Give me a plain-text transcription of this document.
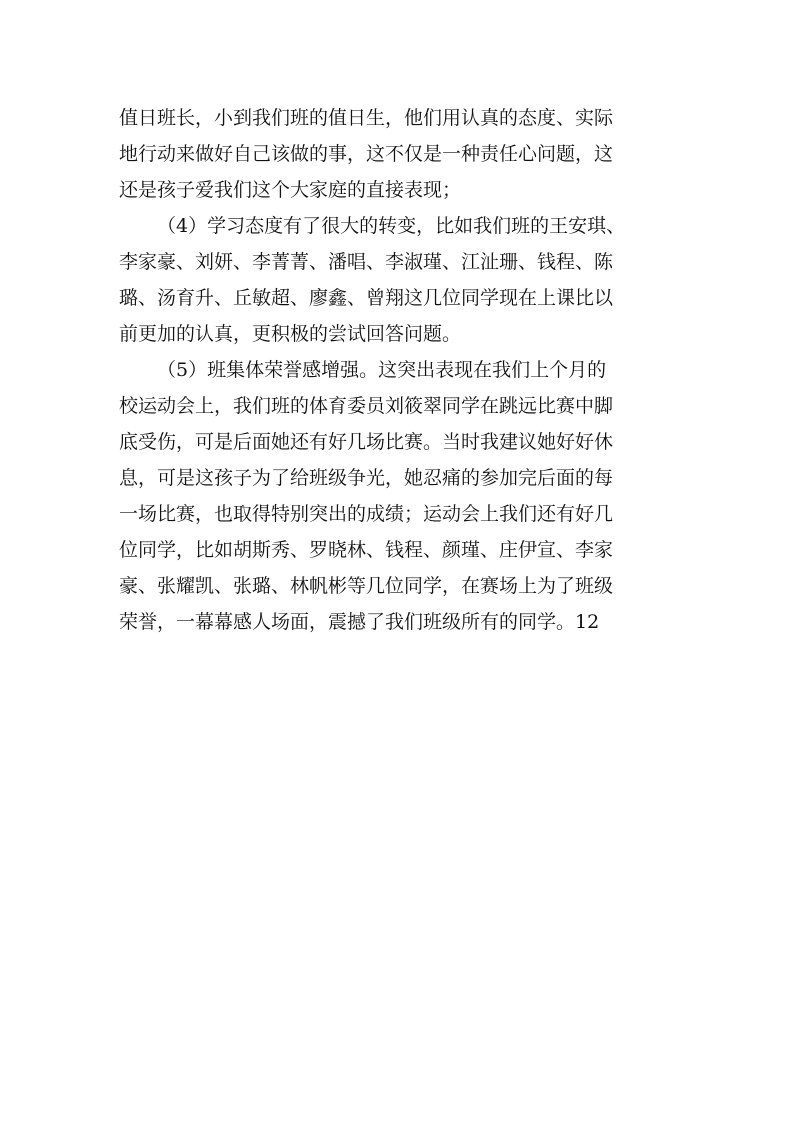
值日班长，小到我们班的值日生，他们用认真的态度、实际
地行动来做好自己该做的事，这不仅是一种责任心问题，这
还是孩子爱我们这个大家庭的直接表现；
（4）学习态度有了很大的转变，比如我们班的王安琪、
李家豪、刘妍、李菁菁、潘唱、李淑瑾、江沚珊、钱程、陈
璐、汤育升、丘敏超、廖鑫、曾翔这几位同学现在上课比以
前更加的认真，更积极的尝试回答问题。
（5）班集体荣誉感增强。这突出表现在我们上个月的
校运动会上，我们班的体育委员刘筱翠同学在跳远比赛中脚
底受伤，可是后面她还有好几场比赛。当时我建议她好好休
息，可是这孩子为了给班级争光，她忍痛的参加完后面的每
一场比赛，也取得特别突出的成绩；运动会上我们还有好几
位同学，比如胡斯秀、罗晓林、钱程、颜瑾、庄伊宣、李家
豪、张耀凯、张璐、林帆彬等几位同学，在赛场上为了班级
荣誉，一幕幕感人场面，震撼了我们班级所有的同学。12
